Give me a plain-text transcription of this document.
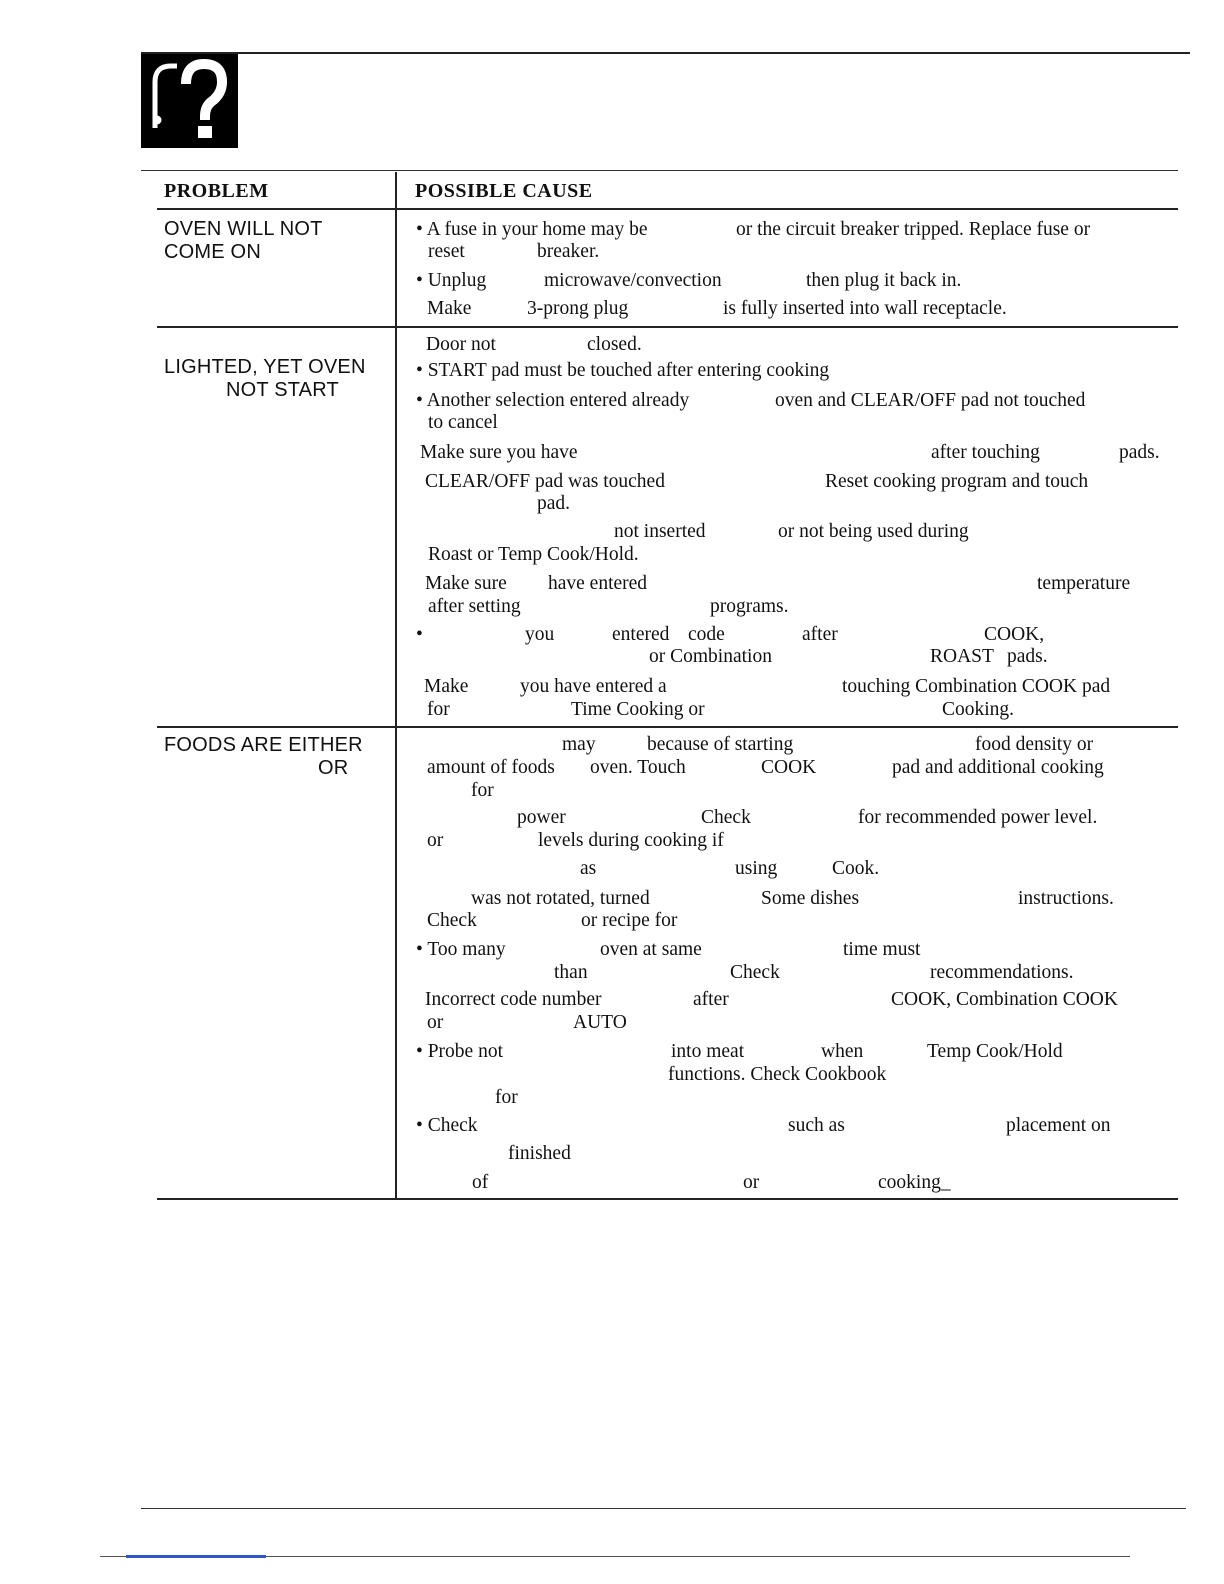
PROBLEM	POSSIBLE CAUSE
OVEN WILL NOT
COME ON
• A fuse in your home may be	or the circuit breaker tripped. Replace fuse or
reset	breaker.
• Unplug	microwave/convection	then plug it back in.
Make	3-prong plug	is fully inserted into wall receptacle.
LIGHTED, YET OVEN
NOT START
Door not	closed.
• START pad must be touched after entering cooking
• Another selection entered already	oven and CLEAR/OFF pad not touched
to cancel
Make sure you have	after touching	pads.
CLEAR/OFF pad was touched	Reset cooking program and touch
pad.
not inserted	or not being used during
Roast or Temp Cook/Hold.
Make sure have entered	temperature
after setting	programs.
•	you	entered code	after	COOK,
or Combination	ROAST pads.
Make	you have entered a	touching Combination COOK pad
for	Time Cooking or	Cooking.
FOODS ARE EITHER
OR
may	because of starting	food density or
amount of foods oven. Touch	COOK	pad and additional cooking
for
power	Check	for recommended power level.
or	levels during cooking if
as	using	Cook.
was not rotated, turned	Some dishes	instructions.
Check	or recipe for
• Too many	oven at same	time must
than	Check	recommendations.
Incorrect code number	after	COOK, Combination COOK
or	AUTO
• Probe not	into meat	when	Temp Cook/Hold
functions. Check Cookbook
for
• Check	such as	placement on
finished
of	or	cooking_
